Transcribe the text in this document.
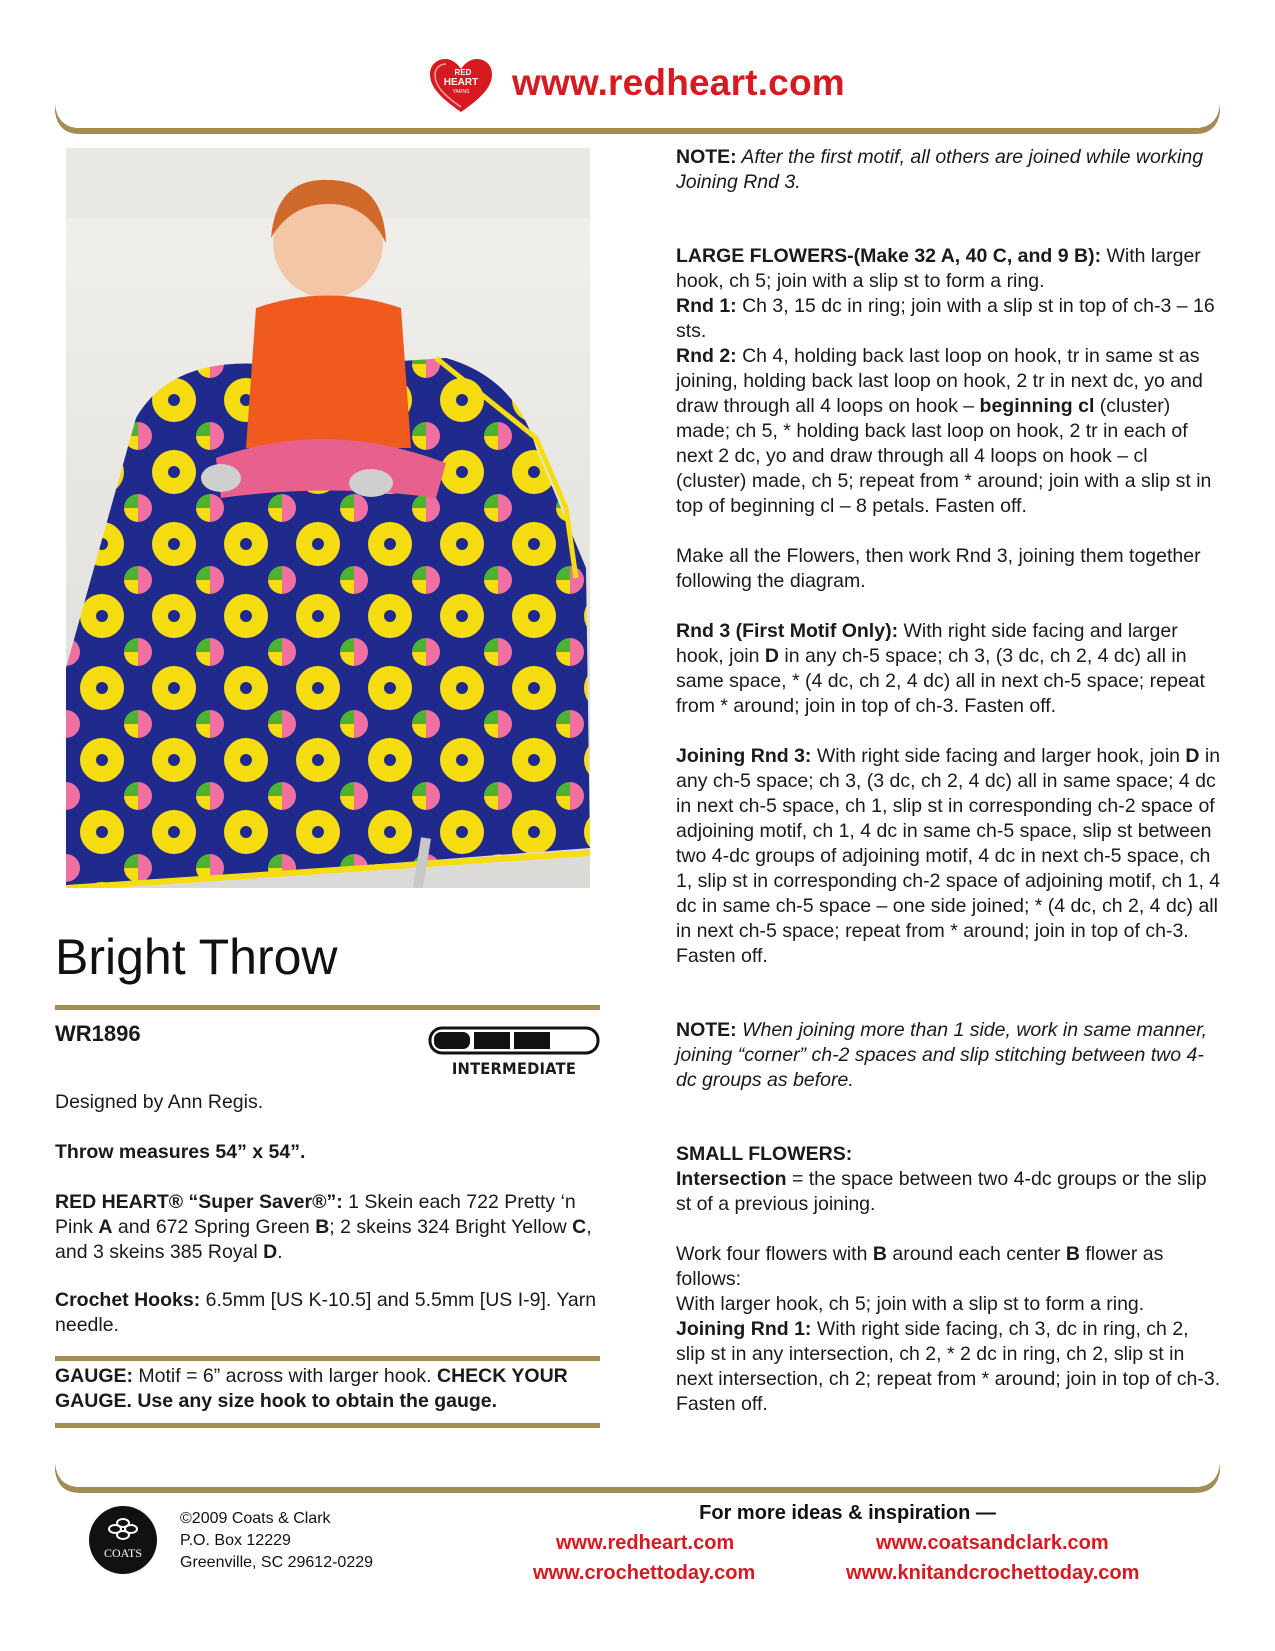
RED
HEART
YARNS www.redheart.com
Bright Throw
WR1896
INTERMEDIATE
Designed by Ann Regis.
Throw measures 54” x 54”.
RED HEART® “Super Saver®”: 1 Skein each 722 Pretty ‘n Pink A and 672 Spring Green B; 2 skeins 324 Bright Yellow C, and 3 skeins 385 Royal D.
Crochet Hooks: 6.5mm [US K-10.5] and 5.5mm [US I-9]. Yarn needle.
GAUGE: Motif = 6” across with larger hook. CHECK YOUR GAUGE. Use any size hook to obtain the gauge.
NOTE: After the first motif, all others are joined while working Joining Rnd 3.
LARGE FLOWERS-(Make 32 A, 40 C, and 9 B): With larger hook, ch 5; join with a slip st to form a ring.
Rnd 1: Ch 3, 15 dc in ring; join with a slip st in top of ch-3 – 16 sts.
Rnd 2: Ch 4, holding back last loop on hook, tr in same st as joining, holding back last loop on hook, 2 tr in next dc, yo and draw through all 4 loops on hook – beginning cl (cluster) made; ch 5, * holding back last loop on hook, 2 tr in each of next 2 dc, yo and draw through all 4 loops on hook – cl (cluster) made, ch 5; repeat from * around; join with a slip st in top of beginning cl – 8 petals. Fasten off.
Make all the Flowers, then work Rnd 3, joining them together following the diagram.
Rnd 3 (First Motif Only): With right side facing and larger hook, join D in any ch-5 space; ch 3, (3 dc, ch 2, 4 dc) all in same space, * (4 dc, ch 2, 4 dc) all in next ch-5 space; repeat from * around; join in top of ch-3. Fasten off.
Joining Rnd 3: With right side facing and larger hook, join D in any ch-5 space; ch 3, (3 dc, ch 2, 4 dc) all in same space; 4 dc in next ch-5 space, ch 1, slip st in corresponding ch-2 space of adjoining motif, ch 1, 4 dc in same ch-5 space, slip st between two 4-dc groups of adjoining motif, 4 dc in next ch-5 space, ch 1, slip st in corresponding ch-2 space of adjoining motif, ch 1, 4 dc in same ch-5 space – one side joined; * (4 dc, ch 2, 4 dc) all in next ch-5 space; repeat from * around; join in top of ch-3. Fasten off.
NOTE: When joining more than 1 side, work in same manner, joining “corner” ch-2 spaces and slip stitching between two 4-dc groups as before.
SMALL FLOWERS:
Intersection = the space between two 4-dc groups or the slip st of a previous joining.
Work four flowers with B around each center B flower as follows:
With larger hook, ch 5; join with a slip st to form a ring.
Joining Rnd 1: With right side facing, ch 3, dc in ring, ch 2, slip st in any intersection, ch 2, * 2 dc in ring, ch 2, slip st in next intersection, ch 2; repeat from * around; join in top of ch-3. Fasten off.
COATS
©2009 Coats & Clark
P.O. Box 12229
Greenville, SC 29612-0229
For more ideas & inspiration —
www.redheart.com	www.coatsandclark.com
www.crochettoday.com	www.knitandcrochettoday.com
